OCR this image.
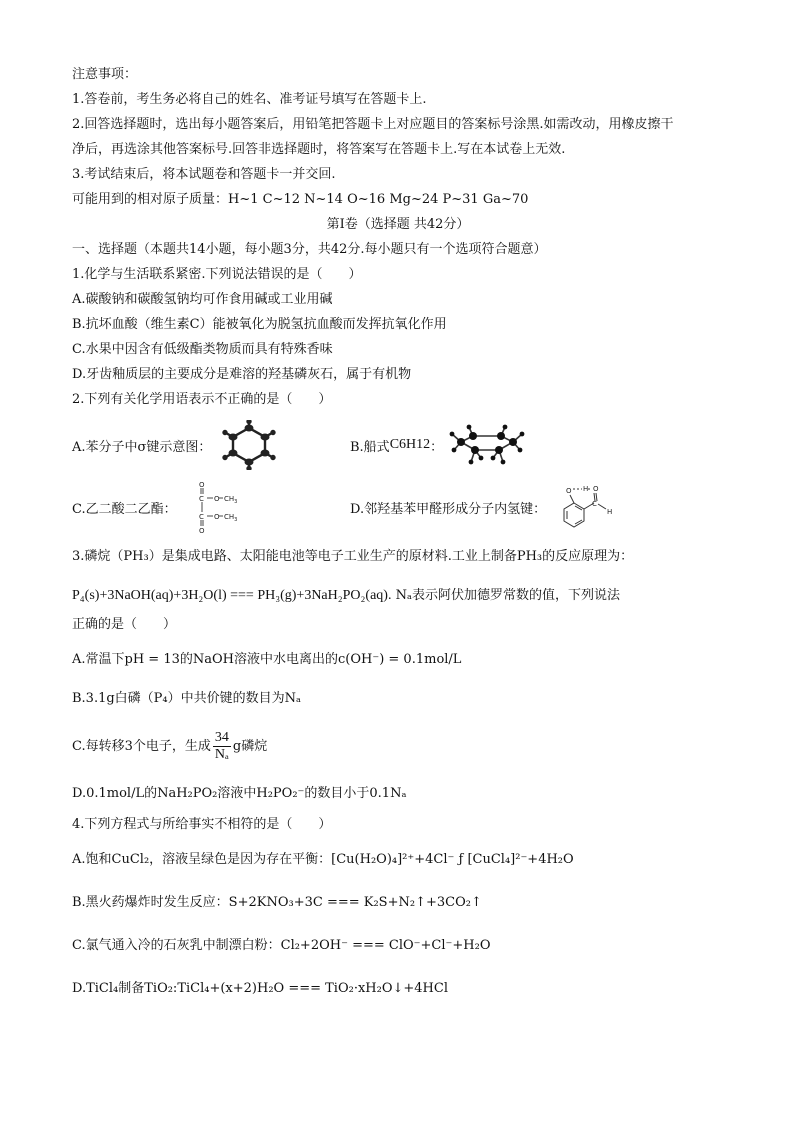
注意事项：
1.答卷前，考生务必将自己的姓名、准考证号填写在答题卡上.
2.回答选择题时，选出每小题答案后，用铅笔把答题卡上对应题目的答案标号涂黑.如需改动，用橡皮擦干
净后，再选涂其他答案标号.回答非选择题时，将答案写在答题卡上.写在本试卷上无效.
3.考试结束后，将本试题卷和答题卡一并交回.
可能用到的相对原子质量：H~1 C~12 N~14 O~16 Mg~24 P~31 Ga~70
第Ⅰ卷（选择题 共42分）
一、选择题（本题共14小题，每小题3分，共42分.每小题只有一个选项符合题意）
1.化学与生活联系紧密.下列说法错误的是（　　）
A.碳酸钠和碳酸氢钠均可作食用碱或工业用碱
B.抗坏血酸（维生素C）能被氧化为脱氢抗血酸而发挥抗氧化作用
C.水果中因含有低级酯类物质而具有特殊香味
D.牙齿釉质层的主要成分是难溶的羟基磷灰石，属于有机物
2.下列有关化学用语表示不正确的是（　　）
A.苯分子中σ键示意图：	B.船式 C 6 H 12 ：
C.乙二酸二乙酯：
O
C O $CH_3$
C O $CH_3$
O
D.邻羟基苯甲醛形成分子内氢键：
O H O
C
H
3.磷烷（PH₃）是集成电路、太阳能电池等电子工业生产的原材料.工业上制备PH₃的反应原理为：
P₄(s)+3NaOH(aq)+3H₂O(l) === PH₃(g)+3NaH₂PO₂(aq). Nₐ表示阿伏加德罗常数的值，下列说法
正确的是（　　）
A.常温下pH = 13的NaOH溶液中水电离出的c(OH⁻) = 0.1mol/L
B.3.1g白磷（P₄）中共价键的数目为Nₐ
C.每转移3个电子，生成 $\frac{34}{\text{Nₐ}}$ g磷烷
D.0.1mol/L的NaH₂PO₂溶液中H₂PO₂⁻的数目小于0.1Nₐ
4.下列方程式与所给事实不相符的是（　　）
A.饱和CuCl₂，溶液呈绿色是因为存在平衡：[Cu(H₂O)₄]²⁺+4Cl⁻ ƒ [CuCl₄]²⁻+4H₂O
B.黑火药爆炸时发生反应：S+2KNO₃+3C === K₂S+N₂↑+3CO₂↑
C.氯气通入冷的石灰乳中制漂白粉：Cl₂+2OH⁻ === ClO⁻+Cl⁻+H₂O
D.TiCl₄制备TiO₂:TiCl₄+(x+2)H₂O === TiO₂·xH₂O↓+4HCl
